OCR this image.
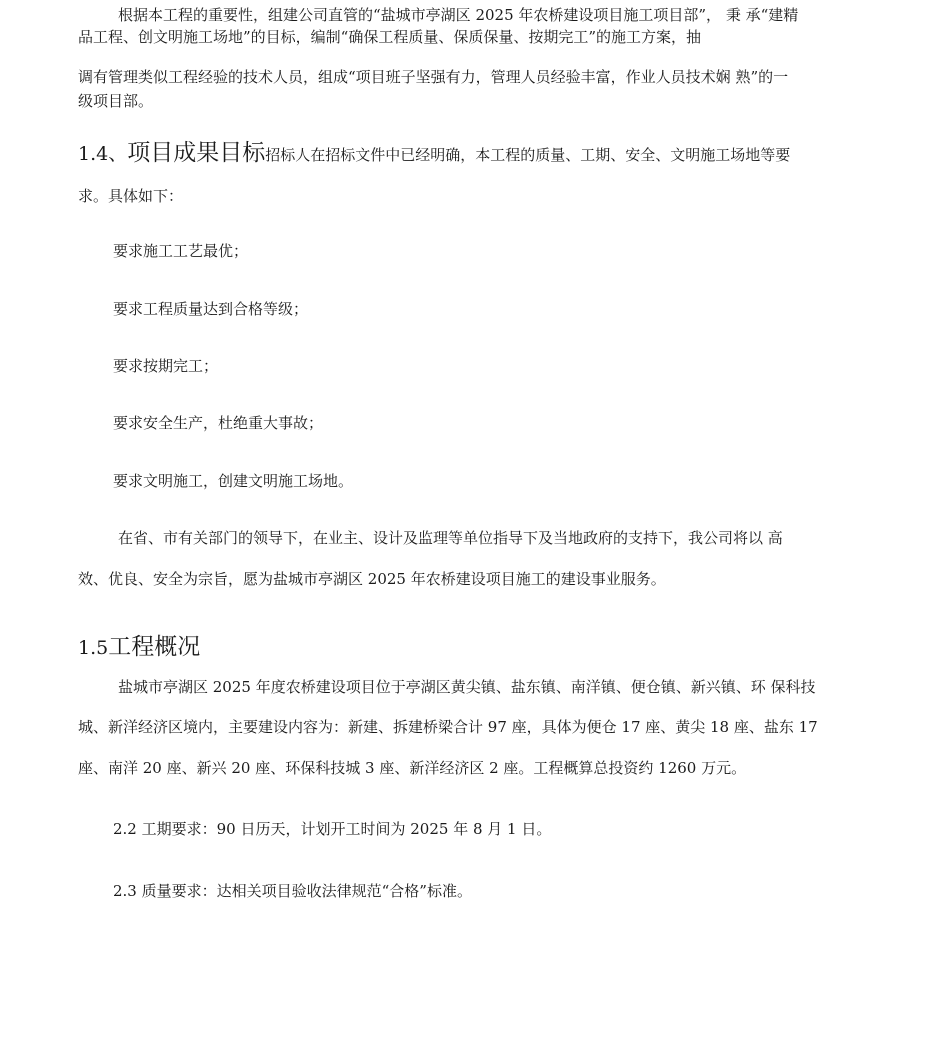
根据本工程的重要性，组建公司直管的“盐城市亭湖区 2025 年农桥建设项目施工项目部”， 秉 承“建精

品工程、创文明施工场地”的目标，编制“确保工程质量、保质保量、按期完工”的施工方案，抽

调有管理类似工程经验的技术人员，组成“项目班子坚强有力，管理人员经验丰富，作业人员技术娴 熟”的一

级项目部。

1.4、项目成果目标招标人在招标文件中已经明确，本工程的质量、工期、安全、文明施工场地等要

求。具体如下：

要求施工工艺最优；
要求工程质量达到合格等级；
要求按期完工；
要求安全生产，杜绝重大事故；
要求文明施工，创建文明施工场地。

在省、市有关部门的领导下，在业主、设计及监理等单位指导下及当地政府的支持下，我公司将以 高

效、优良、安全为宗旨，愿为盐城市亭湖区 2025 年农桥建设项目施工的建设事业服务。

1.5工程概况

盐城市亭湖区 2025 年度农桥建设项目位于亭湖区黄尖镇、盐东镇、南洋镇、便仓镇、新兴镇、环 保科技

城、新洋经济区境内，主要建设内容为：新建、拆建桥梁合计 97 座，具体为便仓 17 座、黄尖 18 座、盐东 17

座、南洋 20 座、新兴 20 座、环保科技城 3 座、新洋经济区 2 座。工程概算总投资约 1260 万元。

2.2 工期要求：90 日历天，计划开工时间为 2025 年 8 月 1 日。
2.3 质量要求：达相关项目验收法律规范“合格”标准。
